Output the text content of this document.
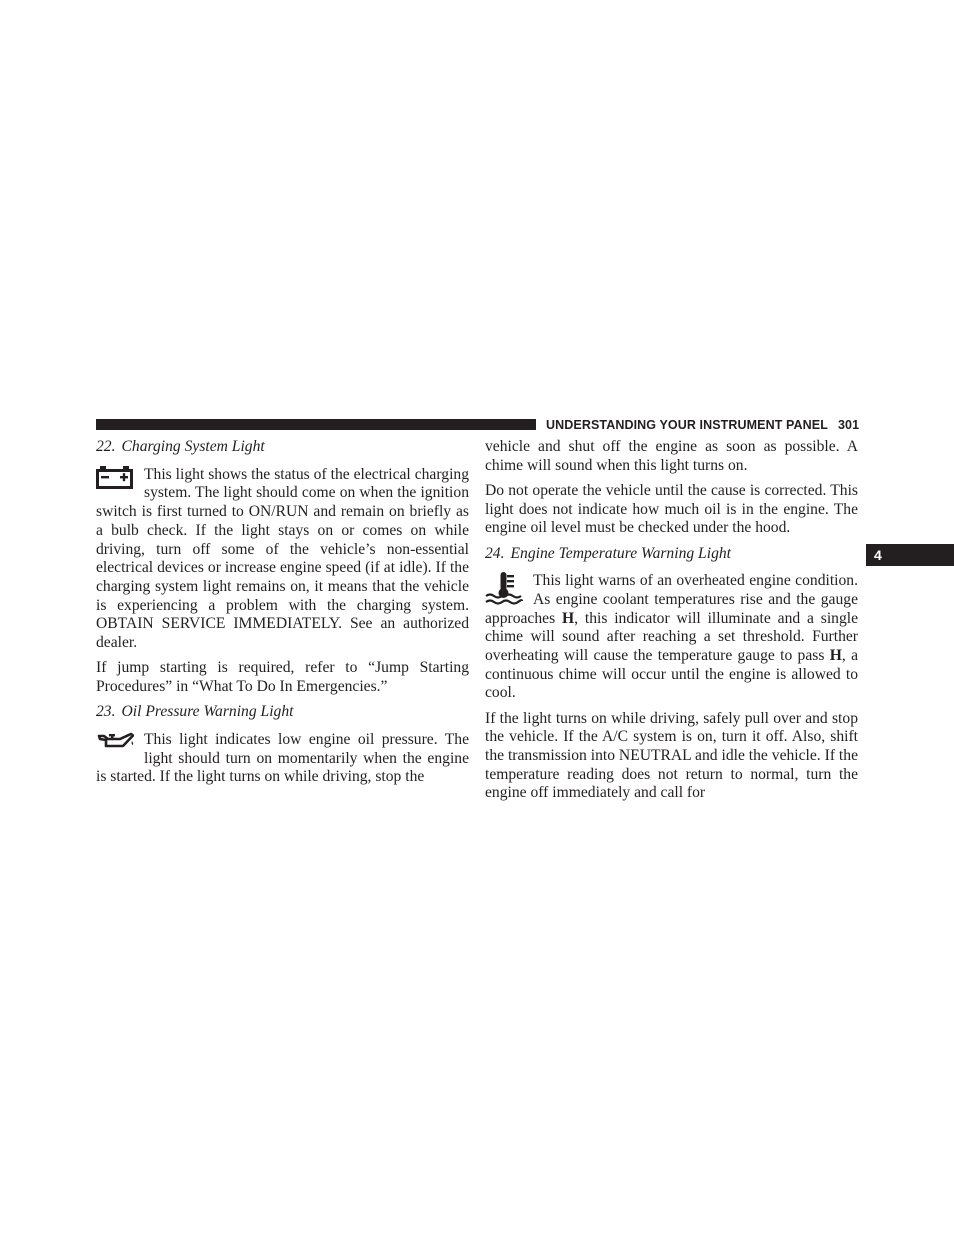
UNDERSTANDING YOUR INSTRUMENT PANEL 301
4
22. Charging System Light

This light shows the status of the electrical charging system. The light should come on when the ignition switch is first turned to ON/RUN and remain on briefly as a bulb check. If the light stays on or comes on while driving, turn off some of the vehicle’s non-essential electrical devices or increase engine speed (if at idle). If the charging system light remains on, it means that the vehicle is experiencing a problem with the charging system. OBTAIN SERVICE IMMEDIATELY. See an authorized dealer.

If jump starting is required, refer to “Jump Starting Procedures” in “What To Do In Emergencies.”

23. Oil Pressure Warning Light

This light indicates low engine oil pressure. The light should turn on momentarily when the engine is started. If the light turns on while driving, stop the

vehicle and shut off the engine as soon as possible. A chime will sound when this light turns on.

Do not operate the vehicle until the cause is corrected. This light does not indicate how much oil is in the engine. The engine oil level must be checked under the hood.

24. Engine Temperature Warning Light

This light warns of an overheated engine condition. As engine coolant temperatures rise and the gauge approaches H, this indicator will illuminate and a single chime will sound after reaching a set threshold. Further overheating will cause the temperature gauge to pass H, a continuous chime will occur until the engine is allowed to cool.

If the light turns on while driving, safely pull over and stop the vehicle. If the A/C system is on, turn it off. Also, shift the transmission into NEUTRAL and idle the vehicle. If the temperature reading does not return to normal, turn the engine off immediately and call for
